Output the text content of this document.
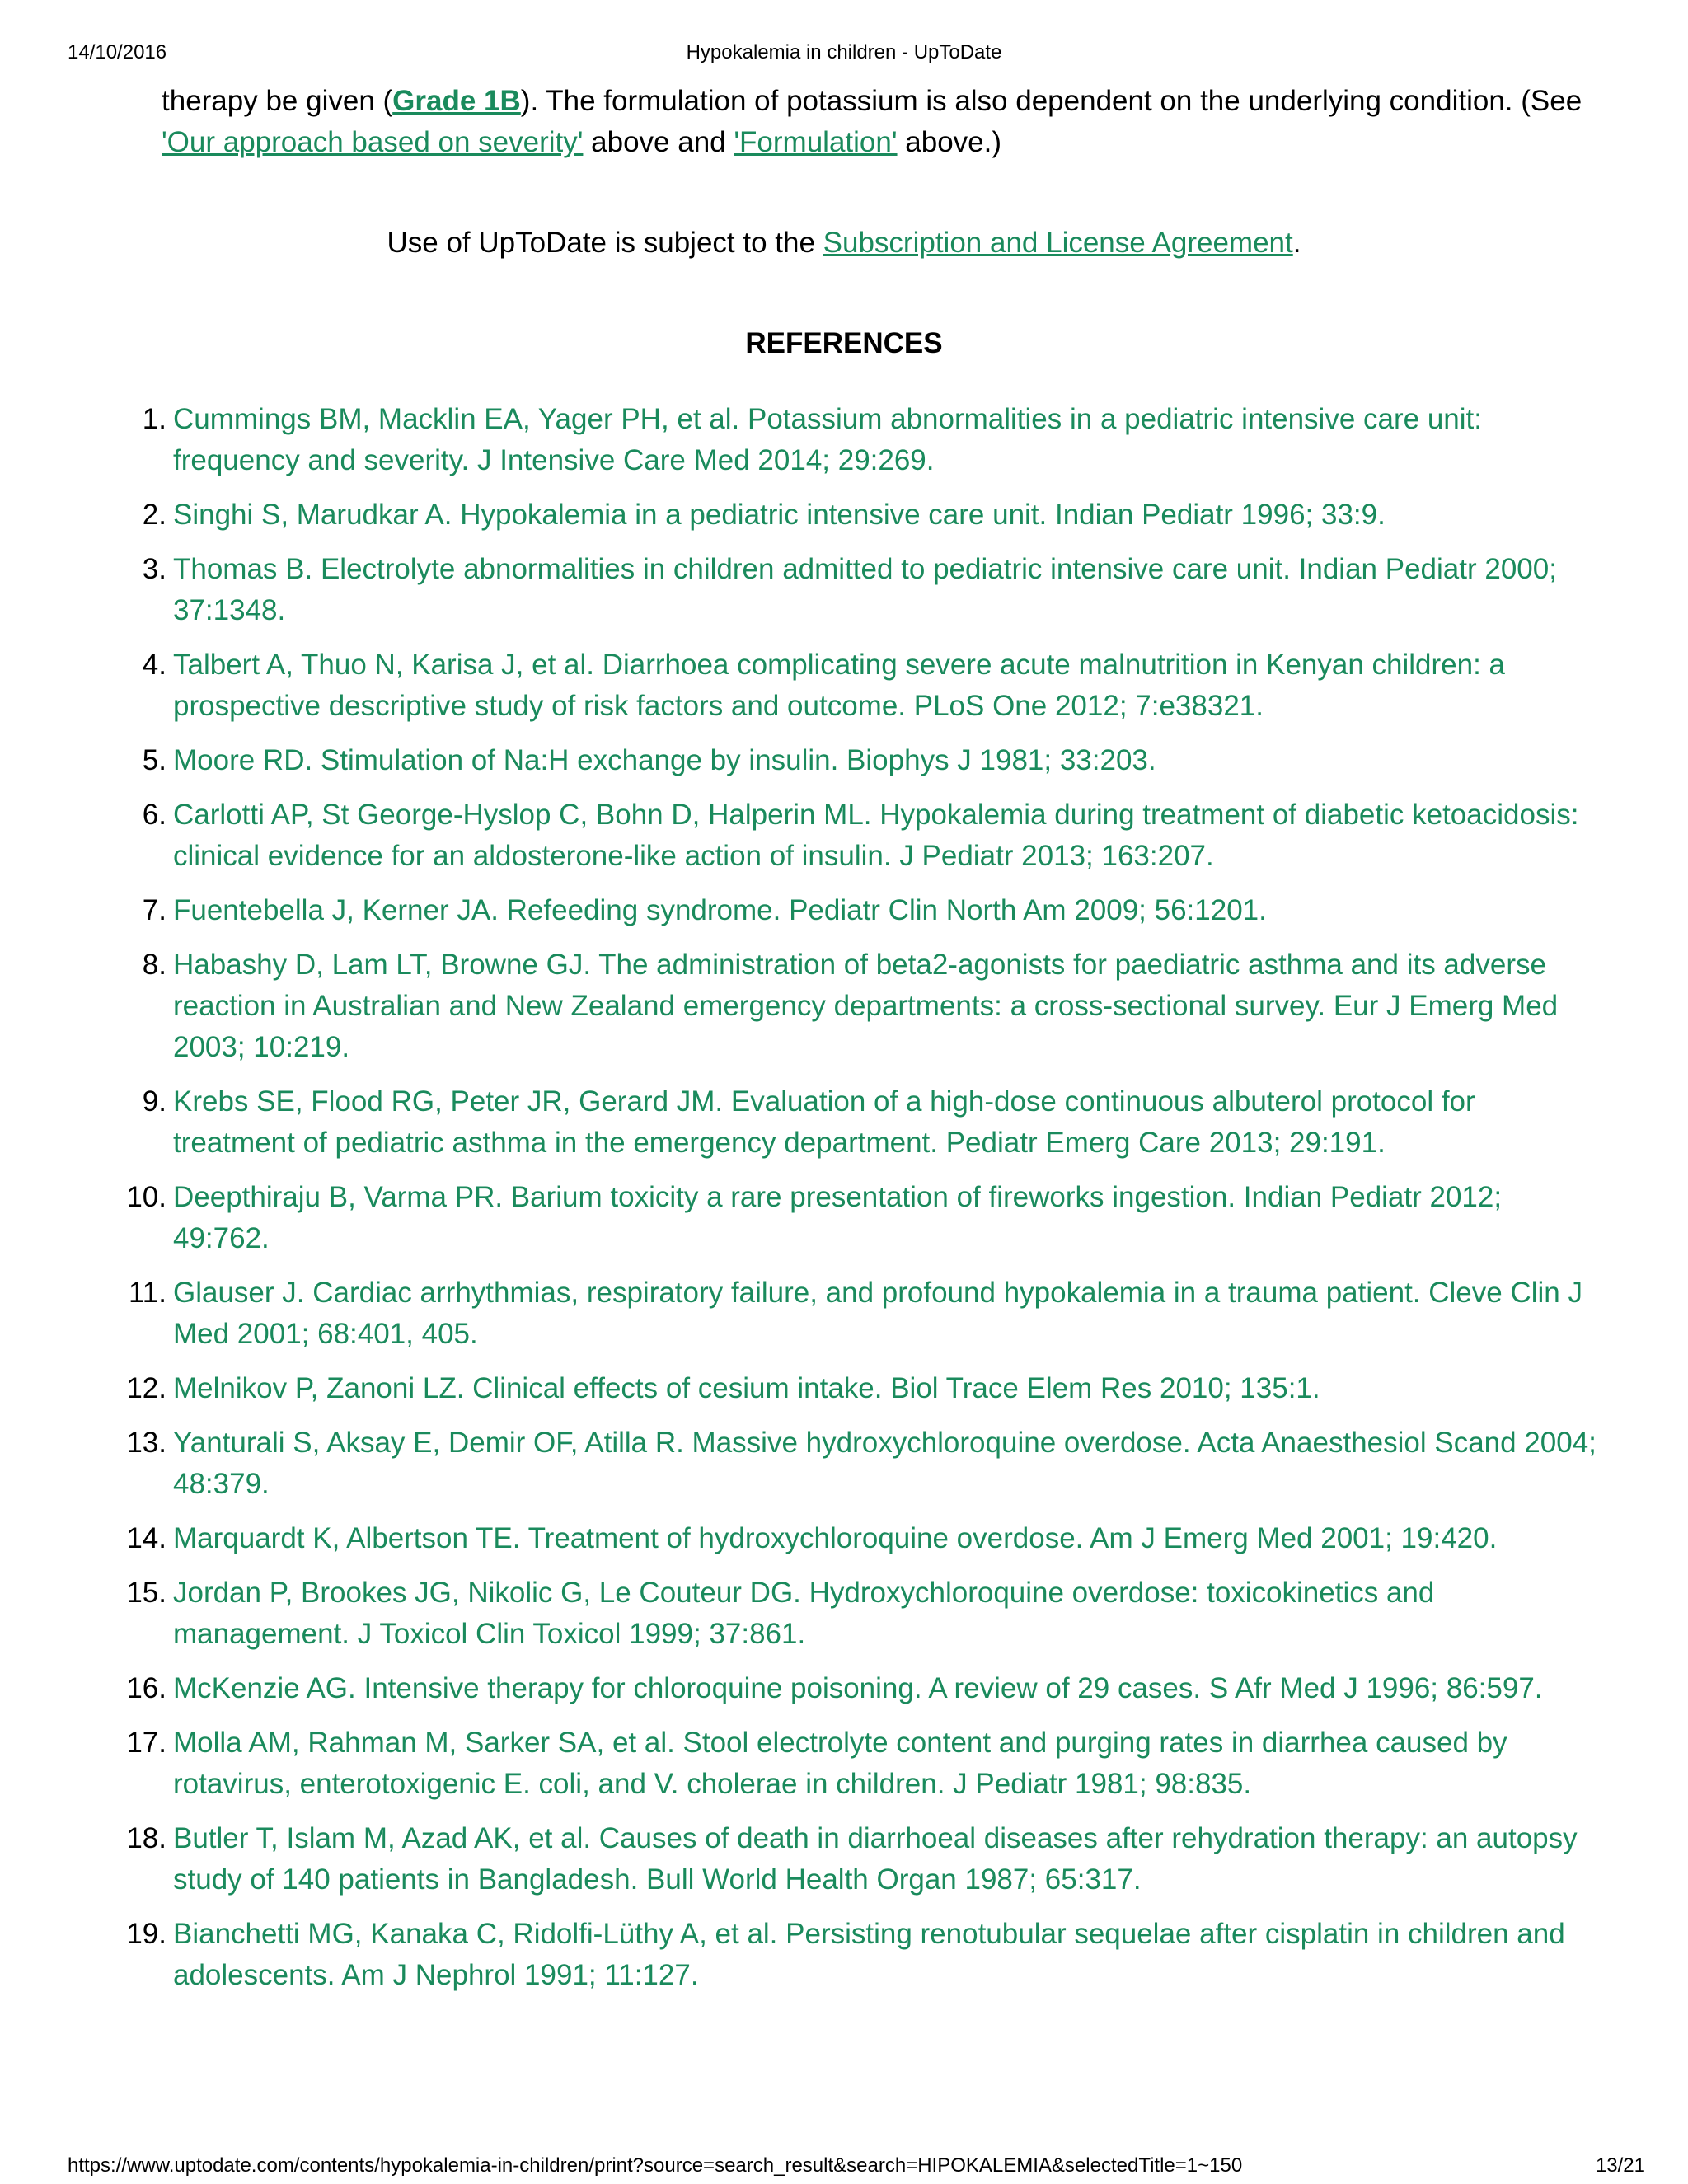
14/10/2016	Hypokalemia in children - UpToDate
therapy be given (Grade 1B). The formulation of potassium is also dependent on the underlying condition. (See 'Our approach based on severity' above and 'Formulation' above.)
Use of UpToDate is subject to the Subscription and License Agreement.
REFERENCES
1. Cummings BM, Macklin EA, Yager PH, et al. Potassium abnormalities in a pediatric intensive care unit: frequency and severity. J Intensive Care Med 2014; 29:269.
2. Singhi S, Marudkar A. Hypokalemia in a pediatric intensive care unit. Indian Pediatr 1996; 33:9.
3. Thomas B. Electrolyte abnormalities in children admitted to pediatric intensive care unit. Indian Pediatr 2000; 37:1348.
4. Talbert A, Thuo N, Karisa J, et al. Diarrhoea complicating severe acute malnutrition in Kenyan children: a prospective descriptive study of risk factors and outcome. PLoS One 2012; 7:e38321.
5. Moore RD. Stimulation of Na:H exchange by insulin. Biophys J 1981; 33:203.
6. Carlotti AP, St George-Hyslop C, Bohn D, Halperin ML. Hypokalemia during treatment of diabetic ketoacidosis: clinical evidence for an aldosterone-like action of insulin. J Pediatr 2013; 163:207.
7. Fuentebella J, Kerner JA. Refeeding syndrome. Pediatr Clin North Am 2009; 56:1201.
8. Habashy D, Lam LT, Browne GJ. The administration of beta2-agonists for paediatric asthma and its adverse reaction in Australian and New Zealand emergency departments: a cross-sectional survey. Eur J Emerg Med 2003; 10:219.
9. Krebs SE, Flood RG, Peter JR, Gerard JM. Evaluation of a high-dose continuous albuterol protocol for treatment of pediatric asthma in the emergency department. Pediatr Emerg Care 2013; 29:191.
10. Deepthiraju B, Varma PR. Barium toxicity a rare presentation of fireworks ingestion. Indian Pediatr 2012; 49:762.
11. Glauser J. Cardiac arrhythmias, respiratory failure, and profound hypokalemia in a trauma patient. Cleve Clin J Med 2001; 68:401, 405.
12. Melnikov P, Zanoni LZ. Clinical effects of cesium intake. Biol Trace Elem Res 2010; 135:1.
13. Yanturali S, Aksay E, Demir OF, Atilla R. Massive hydroxychloroquine overdose. Acta Anaesthesiol Scand 2004; 48:379.
14. Marquardt K, Albertson TE. Treatment of hydroxychloroquine overdose. Am J Emerg Med 2001; 19:420.
15. Jordan P, Brookes JG, Nikolic G, Le Couteur DG. Hydroxychloroquine overdose: toxicokinetics and management. J Toxicol Clin Toxicol 1999; 37:861.
16. McKenzie AG. Intensive therapy for chloroquine poisoning. A review of 29 cases. S Afr Med J 1996; 86:597.
17. Molla AM, Rahman M, Sarker SA, et al. Stool electrolyte content and purging rates in diarrhea caused by rotavirus, enterotoxigenic E. coli, and V. cholerae in children. J Pediatr 1981; 98:835.
18. Butler T, Islam M, Azad AK, et al. Causes of death in diarrhoeal diseases after rehydration therapy: an autopsy study of 140 patients in Bangladesh. Bull World Health Organ 1987; 65:317.
19. Bianchetti MG, Kanaka C, Ridolfi-Lüthy A, et al. Persisting renotubular sequelae after cisplatin in children and adolescents. Am J Nephrol 1991; 11:127.
https://www.uptodate.com/contents/hypokalemia-in-children/print?source=search_result&search=HIPOKALEMIA&selectedTitle=1~150	13/21
